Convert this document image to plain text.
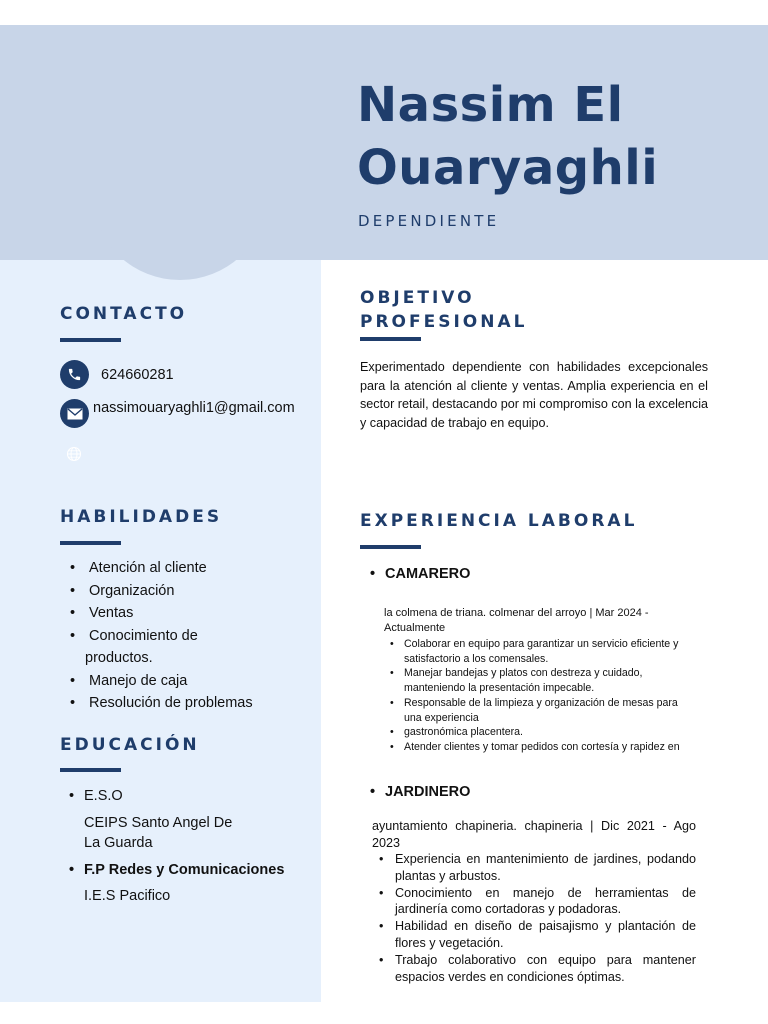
Nassim El Ouaryaghli
DEPENDIENTE
CONTACTO
624660281
nassimouaryaghli1@gmail.com
HABILIDADES
• Atención al cliente
• Organización
• Ventas
• Conocimiento de
productos.
• Manejo de caja
• Resolución de problemas
EDUCACIÓN
• E.S.O
CEIPS Santo Angel De
La Guarda
• F.P Redes y Comunicaciones
I.E.S Pacifico
OBJETIVO
PROFESIONAL

Experimentado dependiente con habilidades excepcionales para la atención al cliente y ventas. Amplia experiencia en el sector retail, destacando por mi compromiso con la excelencia y capacidad de trabajo en equipo.

EXPERIENCIA LABORAL
• CAMARERO
la colmena de triana. colmenar del arroyo | Mar 2024 - Actualmente
• Colaborar en equipo para garantizar un servicio eficiente y satisfactorio a los comensales.
• Manejar bandejas y platos con destreza y cuidado, manteniendo la presentación impecable.
• Responsable de la limpieza y organización de mesas para una experiencia
• gastronómica placentera.
• Atender clientes y tomar pedidos con cortesía y rapidez en
• JARDINERO
ayuntamiento chapineria. chapineria | Dic 2021 - Ago 2023
• Experiencia en mantenimiento de jardines, podando plantas y arbustos.
• Conocimiento en manejo de herramientas de jardinería como cortadoras y podadoras.
• Habilidad en diseño de paisajismo y plantación de flores y vegetación.
• Trabajo colaborativo con equipo para mantener espacios verdes en condiciones óptimas.
